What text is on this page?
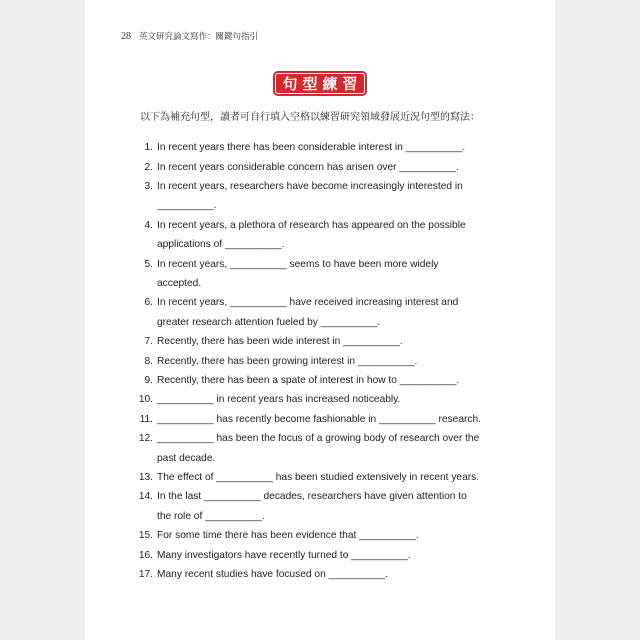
28 英文研究論文寫作：關鍵句指引
句型練習
以下為補充句型，讀者可自行填入空格以練習研究領域發展近況句型的寫法：
1. In recent years there has been considerable interest in __________.
2. In recent years considerable concern has arisen over __________.
3. In recent years, researchers have become increasingly interested in
__________.
4. In recent years, a plethora of research has appeared on the possible
applications of __________.
5. In recent years, __________ seems to have been more widely
accepted.
6. In recent years, __________ have received increasing interest and
greater research attention fueled by __________.
7. Recently, there has been wide interest in __________.
8. Recently, there has been growing interest in __________.
9. Recently, there has been a spate of interest in how to __________.
10. __________ in recent years has increased noticeably.
11. __________ has recently become fashionable in __________ research.
12. __________ has been the focus of a growing body of research over the
past decade.
13. The effect of __________ has been studied extensively in recent years.
14. In the last __________ decades, researchers have given attention to
the role of __________.
15. For some time there has been evidence that __________.
16. Many investigators have recently turned to __________.
17. Many recent studies have focused on __________.
